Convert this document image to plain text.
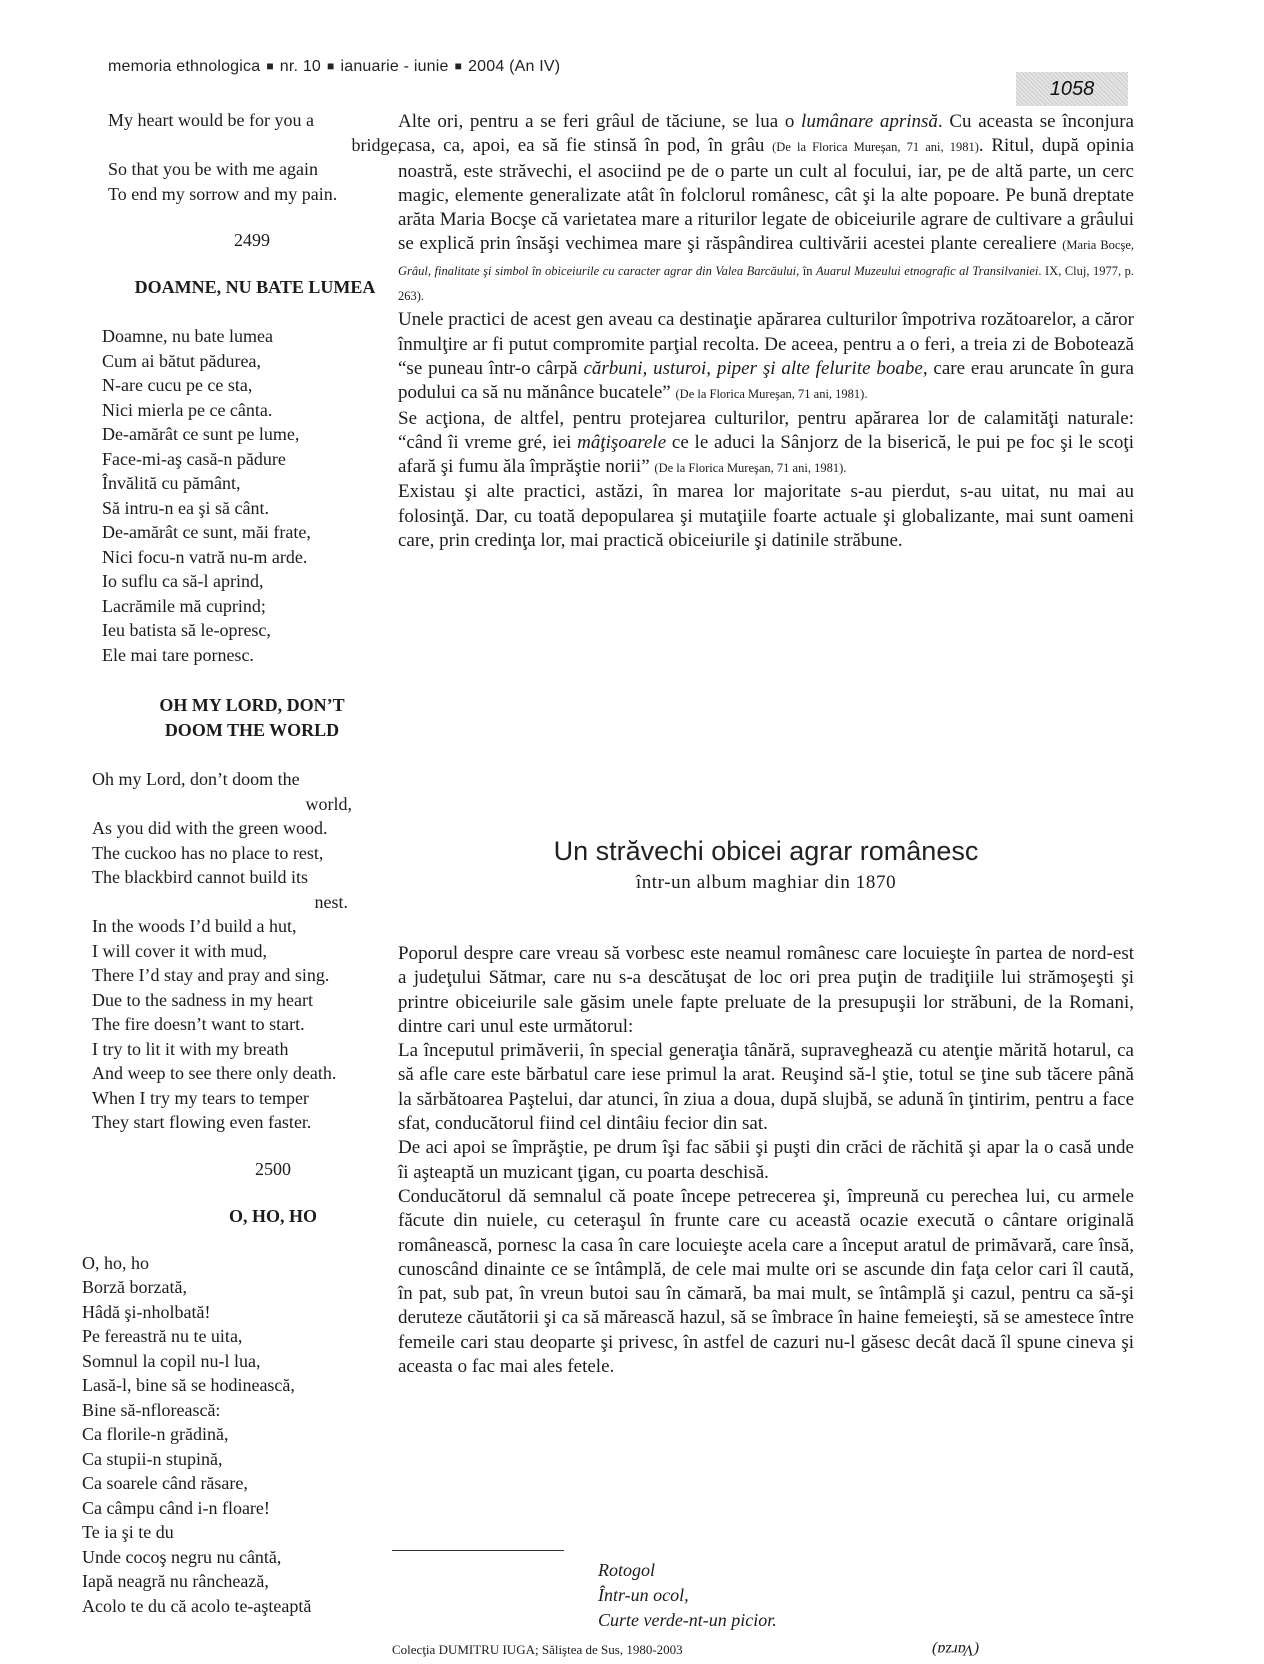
memoria ethnologica ■ nr. 10 ■ ianuarie - iunie ■ 2004 (An IV)
1058
My heart would be for you a
bridge,
So that you be with me again
To end my sorrow and my pain.
2499
DOAMNE, NU BATE LUMEA
Doamne, nu bate lumea
Cum ai bătut pădurea,
N-are cucu pe ce sta,
Nici mierla pe ce cânta.
De-amărât ce sunt pe lume,
Face-mi-aş casă-n pădure
Învălită cu pământ,
Să intru-n ea şi să cânt.
De-amărât ce sunt, măi frate,
Nici focu-n vatră nu-m arde.
Io suflu ca să-l aprind,
Lacrămile mă cuprind;
Ieu batista să le-opresc,
Ele mai tare pornesc.
OH MY LORD, DON’T
DOOM THE WORLD
Oh my Lord, don’t doom the
world,
As you did with the green wood.
The cuckoo has no place to rest,
The blackbird cannot build its
nest.
In the woods I’d build a hut,
I will cover it with mud,
There I’d stay and pray and sing.
Due to the sadness in my heart
The fire doesn’t want to start.
I try to lit it with my breath
And weep to see there only death.
When I try my tears to temper
They start flowing even faster.
2500
O, HO, HO
O, ho, ho
Borză borzată,
Hâdă şi-nholbată!
Pe fereastră nu te uita,
Somnul la copil nu-l lua,
Lasă-l, bine să se hodinească,
Bine să-nflorească:
Ca florile-n grădină,
Ca stupii-n stupină,
Ca soarele când răsare,
Ca câmpu când i-n floare!
Te ia şi te du
Unde cocoş negru nu cântă,
Iapă neagră nu rânchează,
Acolo te du că acolo te-aşteaptă

Alte ori, pentru a se feri grâul de tăciune, se lua o lumânare aprinsă. Cu aceasta se înconjura casa, ca, apoi, ea să fie stinsă în pod, în grâu (De la Florica Mureşan, 71 ani, 1981). Ritul, după opinia noastră, este străvechi, el asociind pe de o parte un cult al focului, iar, pe de altă parte, un cerc magic, elemente generalizate atât în folclorul românesc, cât şi la alte popoare. Pe bună dreptate arăta Maria Bocşe că varietatea mare a riturilor legate de obiceiurile agrare de cultivare a grâului se explică prin însăşi vechimea mare şi răspândirea cultivării acestei plante cerealiere (Maria Bocşe, Grâul, finalitate şi simbol în obiceiurile cu caracter agrar din Valea Barcăului, în Auarul Muzeului etnografic al Transilvaniei. IX, Cluj, 1977, p. 263).

Unele practici de acest gen aveau ca destinaţie apărarea culturilor împotriva rozătoarelor, a căror înmulţire ar fi putut compromite parţial recolta. De aceea, pentru a o feri, a treia zi de Bobotează “se puneau într-o cârpă cărbuni, usturoi, piper şi alte felurite boabe, care erau aruncate în gura podului ca să nu mănânce bucatele” (De la Florica Mureşan, 71 ani, 1981).

Se acţiona, de altfel, pentru protejarea culturilor, pentru apărarea lor de calamităţi naturale: “când îi vreme gré, iei mâţişoarele ce le aduci la Sânjorz de la biserică, le pui pe foc şi le scoţi afară şi fumu ăla împrăştie norii” (De la Florica Mureşan, 71 ani, 1981).

Existau şi alte practici, astăzi, în marea lor majoritate s-au pierdut, s-au uitat, nu mai au folosinţă. Dar, cu toată depopularea şi mutaţiile foarte actuale şi globalizante, mai sunt oameni care, prin credinţa lor, mai practică obiceiurile şi datinile străbune.

Un străvechi obicei agrar românesc
într-un album maghiar din 1870

Poporul despre care vreau să vorbesc este neamul românesc care locuieşte în partea de nord-est a judeţului Sătmar, care nu s-a descătuşat de loc ori prea puţin de tradiţiile lui strămoşeşti şi printre obiceiurile sale găsim unele fapte preluate de la presupuşii lor străbuni, de la Romani, dintre cari unul este următorul:

La începutul primăverii, în special generaţia tânără, supraveghează cu atenţie mărită hotarul, ca să afle care este bărbatul care iese primul la arat. Reuşind să-l ştie, totul se ţine sub tăcere până la sărbătoarea Paştelui, dar atunci, în ziua a doua, după slujbă, se adună în ţintirim, pentru a face sfat, conducătorul fiind cel dintâiu fecior din sat.

De aci apoi se împrăştie, pe drum îşi fac săbii şi puşti din crăci de răchită şi apar la o casă unde îi aşteaptă un muzicant ţigan, cu poarta deschisă.

Conducătorul dă semnalul că poate începe petrecerea şi, împreună cu perechea lui, cu armele făcute din nuiele, cu ceteraşul în frunte care cu această ocazie execută o cântare originală românească, pornesc la casa în care locuieşte acela care a început aratul de primăvară, care însă, cunoscând dinainte ce se întâmplă, de cele mai multe ori se ascunde din faţa celor cari îl caută, în pat, sub pat, în vreun butoi sau în cămară, ba mai mult, se întâmplă şi cazul, pentru ca să-şi deruteze căutătorii şi ca să mărească hazul, să se îmbrace în haine femeieşti, să se amestece între femeile cari stau deoparte şi privesc, în astfel de cazuri nu-l găsesc decât dacă îl spune cineva şi aceasta o fac mai ales fetele.

Rotogol
Într-un ocol,
Curte verde-nt-un picior.
Colecţia DUMITRU IUGA; Săliştea de Sus, 1980-2003	(Varza)
